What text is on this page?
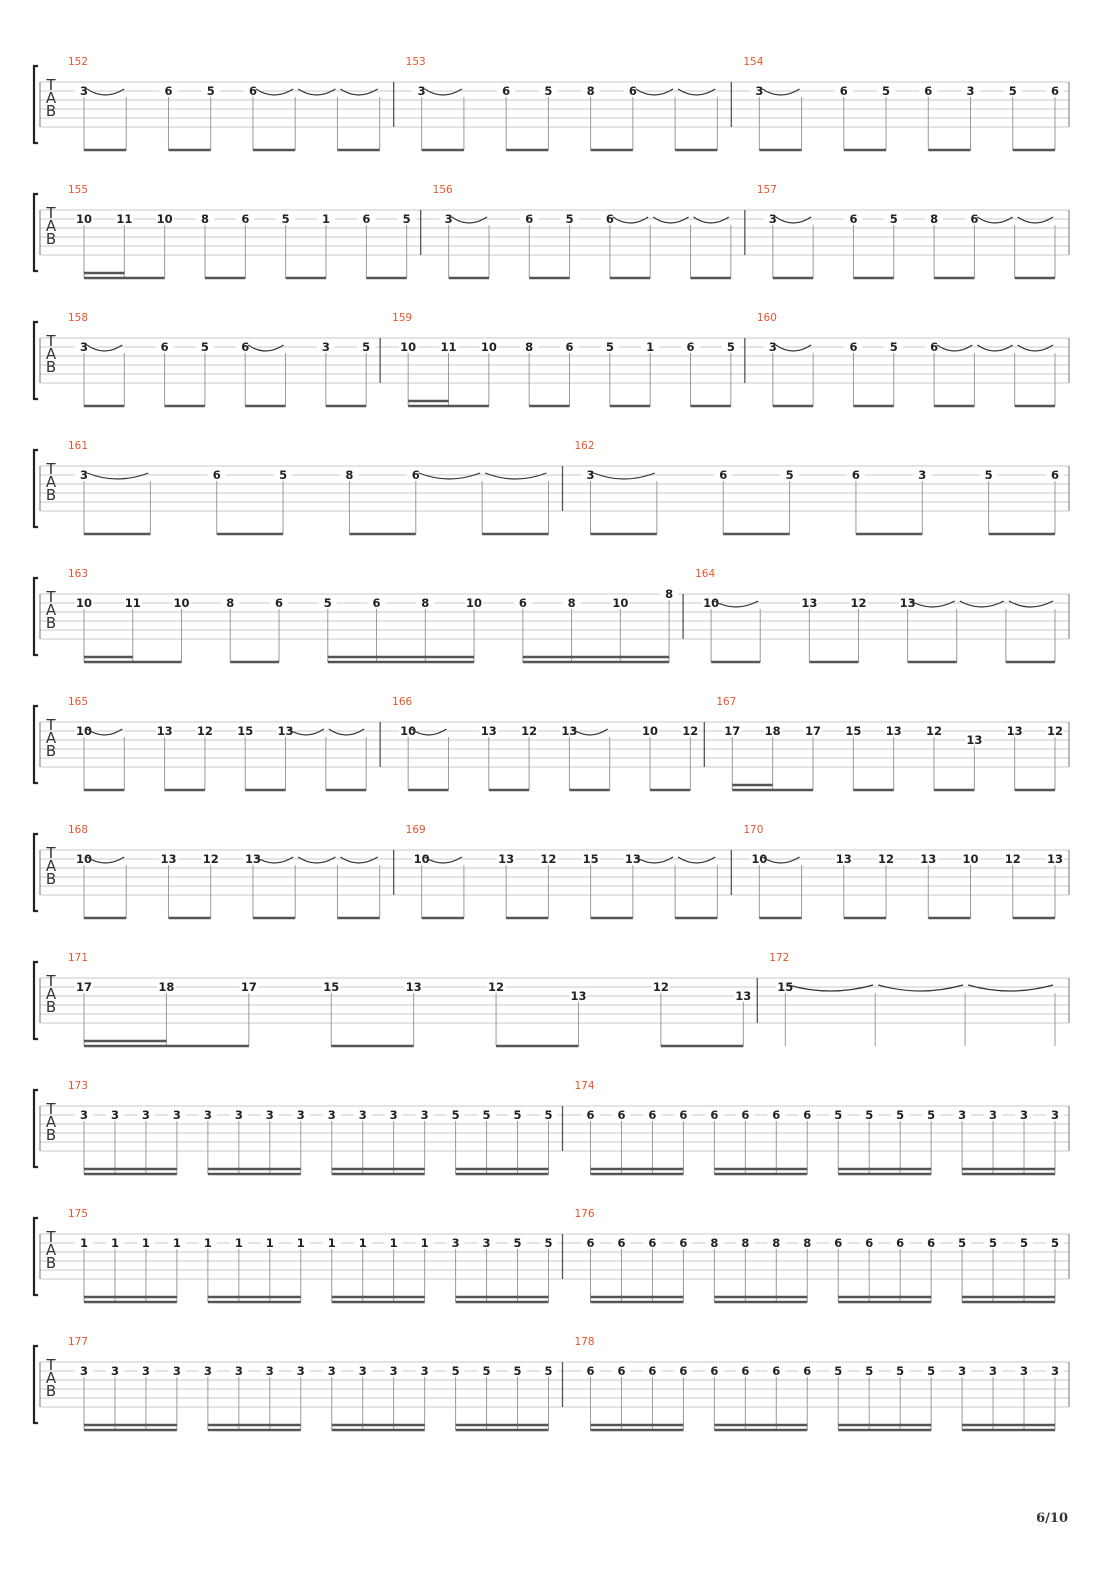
T
A
B
152
3	6	5	6
153
3	6	5	8	6
154
3	6	5	6	3	5	6
T
A
B
155
10 11 10 8	6	5	1	6	5
156
3	6	5	6
157
3	6	5	8	6
T
A
B
158
3	6	5	6	3	5
159
10 11 10 8	6	5	1	6	5
160
3	6	5	6
T
A
B
161
3	6	5	8	6
162
3	6	5	6	3	5	6
T
A
B
163
10	11	10	8	6	5	6	8	10	6	8	10
8
164
10	13	12	13
T
A
B
165
10	13 12 15 13
166
10	13 12 13	10 12
167
17 18 17 15 13 12
13
13 12
T
A
B
168
10	13 12 13
169
10	13 12 15 13
170
10	13 12 13 10 12 13
T
A
B
171
17	18	17	15	13	12
13
12
13
172
15
T
A
B
173
3 3 3 3 3 3 3 3 3 3 3 3 5 5 5 5
174
6 6 6 6 6 6 6 6 5 5 5 5 3 3 3 3
T
A
B
175
1 1 1 1 1 1 1 1 1 1 1 1 3 3 5 5
176
6 6 6 6 8 8 8 8 6 6 6 6 5 5 5 5
T
A
B
177
3 3 3 3 3 3 3 3 3 3 3 3 5 5 5 5
178
6 6 6 6 6 6 6 6 5 5 5 5 3 3 3 3
6/10
